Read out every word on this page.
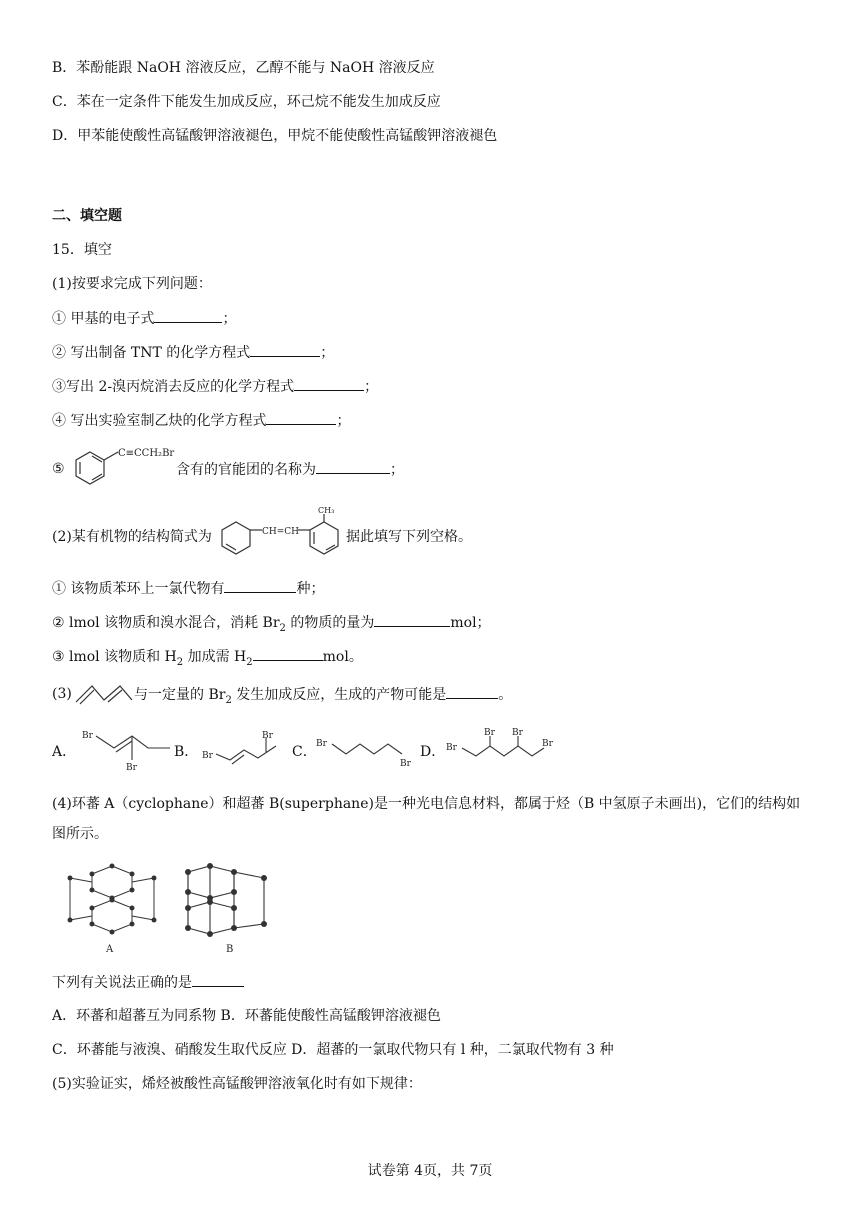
B．苯酚能跟 NaOH 溶液反应，乙醇不能与 NaOH 溶液反应
C．苯在一定条件下能发生加成反应，环己烷不能发生加成反应
D．甲苯能使酸性高锰酸钾溶液褪色，甲烷不能使酸性高锰酸钾溶液褪色
二、填空题
15．填空
(1)按要求完成下列问题：
① 甲基的电子式	；
② 写出制备 TNT 的化学方程式	；
③写出 2-溴丙烷消去反应的化学方程式	；
④ 写出实验室制乙炔的化学方程式	；
⑤
C≡CCH₂Br
含有的官能团的名称为	；
(2)某有机物的结构简式为	CH=CH
CH₃
据此填写下列空格。
① 该物质苯环上一氯代物有	种；
② lmol 该物质和溴水混合，消耗 $Br_2$ 的物质的量为	mol；
③ lmol 该物质和 $H_2$ 加成需 $H_2$	mol。
(3)	与一定量的 $Br_2$ 发生加成反应，生成的产物可能是	。
A．
Br
Br
B． Br
Br
C． Br
Br
D． Br
Br Br
Br
(4)环蕃 A（cyclophane）和超蕃 B(superphane)是一种光电信息材料，都属于烃（B 中氢原子未画出)，它们的结构如
图所示。
A	B
下列有关说法正确的是
A．环蕃和超蕃互为同系物 B．环蕃能使酸性高锰酸钾溶液褪色
C．环蕃能与液溴、硝酸发生取代反应 D．超蕃的一氯取代物只有 l 种，二氯取代物有 3 种
(5)实验证实，烯烃被酸性高锰酸钾溶液氧化时有如下规律：
试卷第 4页，共 7页
